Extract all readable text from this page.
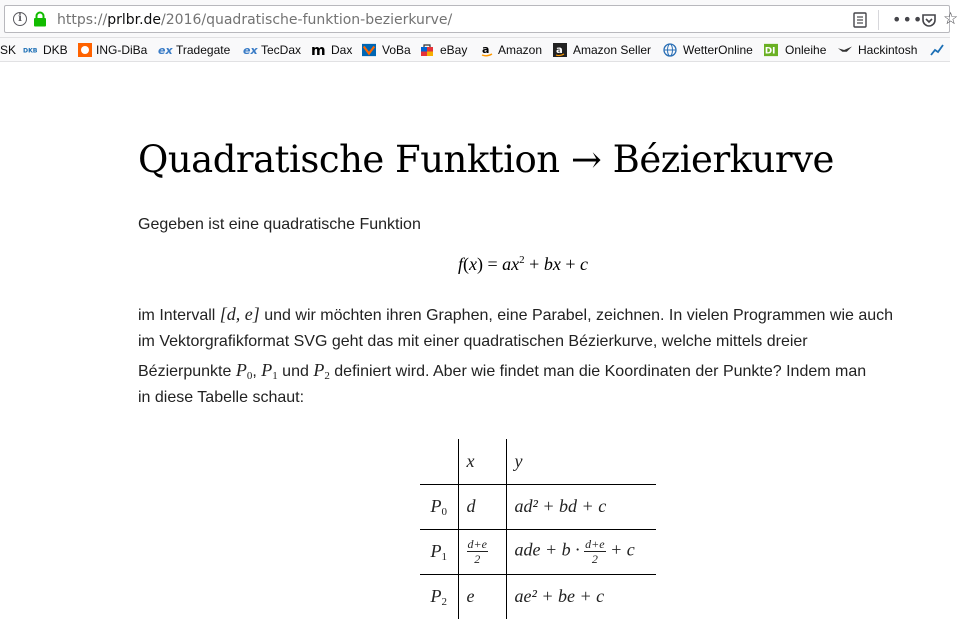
i	https://prlbr.de/2016/quadratische-funktion-bezierkurve/	••• ☆
SK DKB DKB ING-DiBa ex Tradegate ex TecDax m Dax VoBa eBay a Amazon a Amazon Seller	WetterOnline DI Onleihe	Hackintosh
Quadratische Funktion → Bézierkurve
Gegeben ist eine quadratische Funktion
$f(x) = ax^2$ + bx + c
im Intervall [d, e] und wir möchten ihren Graphen, eine Parabel, zeichnen. In vielen Programmen wie auch
im Vektorgrafikformat SVG geht das mit einer quadratischen Bézierkurve, welche mittels dreier
Bézierpunkte $P_0$, $P_1$ und $P_2$ definiert wird. Aber wie findet man die Koordinaten der Punkte? Indem man
in diese Tabelle schaut:
	x	y
$P_0$	d	ad² + bd + c
$P_1$	$\frac{d+e}{2}$	ade + $b \cdot \frac{d+e}{2} + c$
$P_2$	e	ae² + be + c
